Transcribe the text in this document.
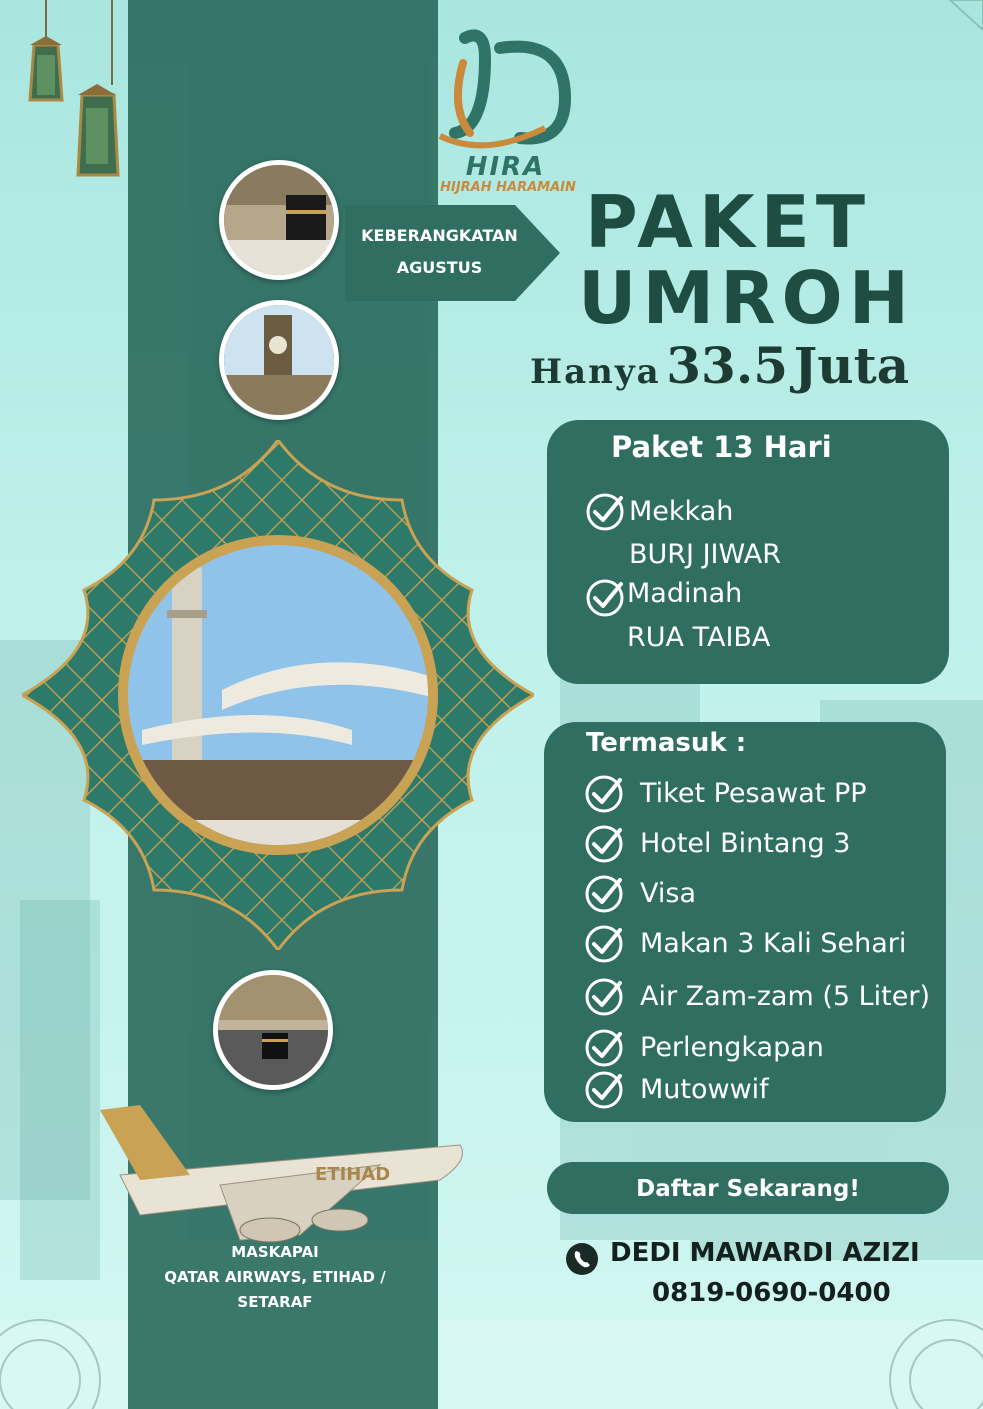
HIRA
HIJRAH HARAMAIN
KEBERANGKATAN
AGUSTUS
PAKET
UMROH
Hanya 33.5 Juta
ETIHAD
MASKAPAI
QATAR AIRWAYS, ETIHAD /
SETARAF
Paket 13 Hari
Mekkah
BURJ JIWAR
Madinah
RUA TAIBA
Termasuk :
Tiket Pesawat PP
Hotel Bintang 3
Visa
Makan 3 Kali Sehari
Air Zam-zam (5 Liter)
Perlengkapan
Mutowwif
Daftar Sekarang!
DEDI MAWARDI AZIZI
0819-0690-0400
